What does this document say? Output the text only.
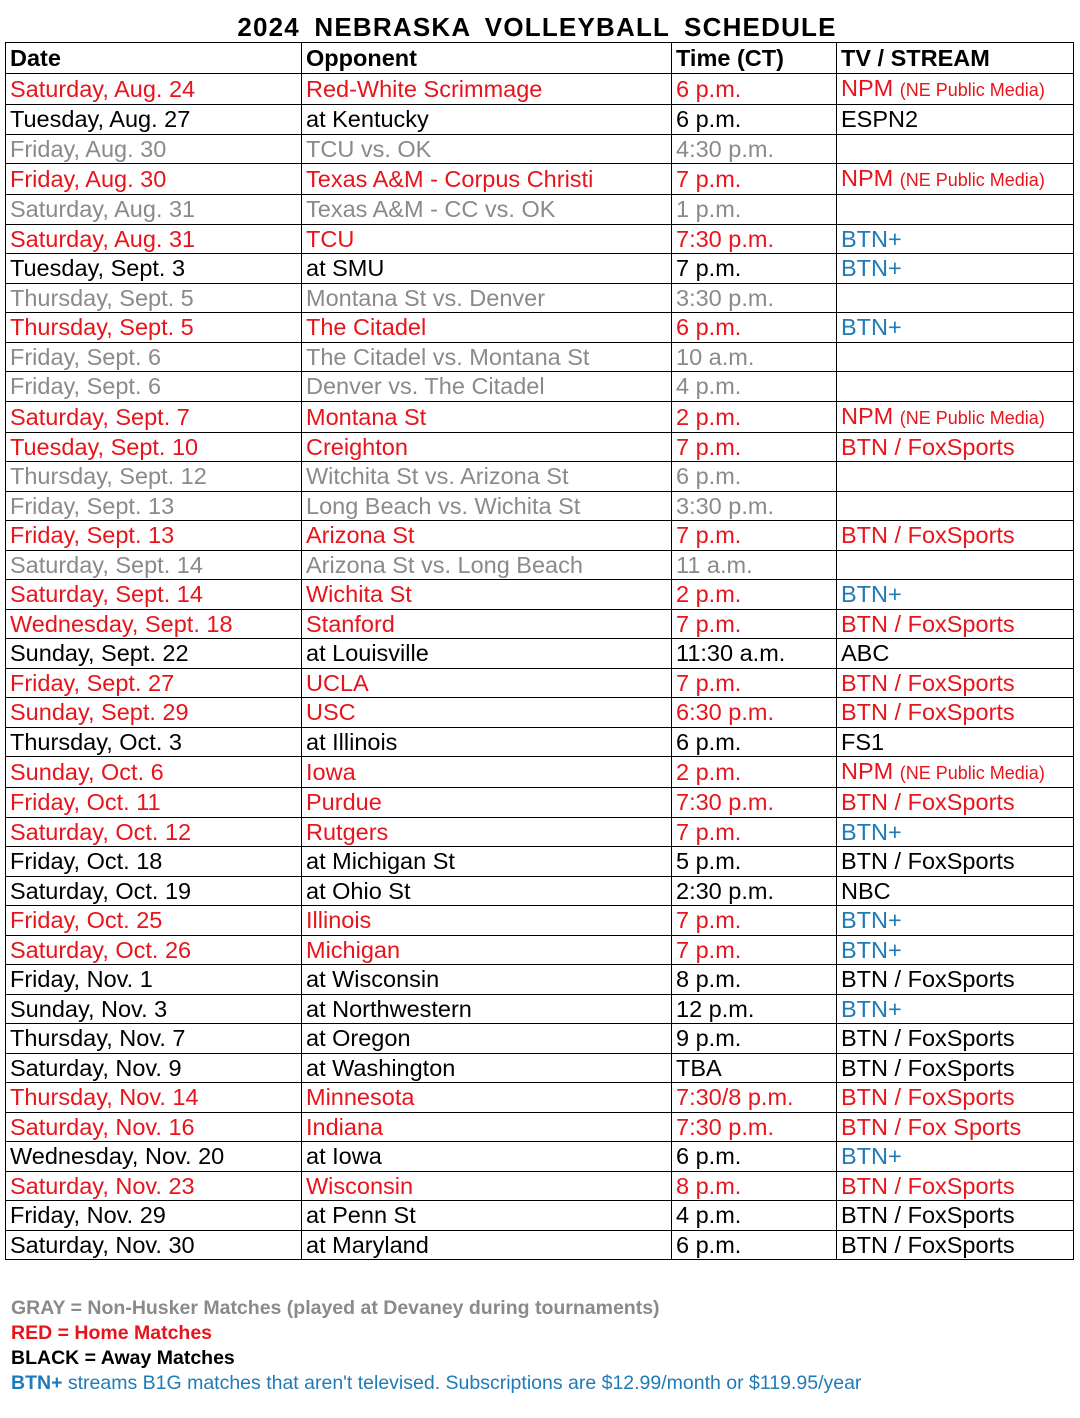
2024 NEBRASKA VOLLEYBALL SCHEDULE
Date	Opponent	Time (CT)	TV / STREAM
Saturday, Aug. 24	Red-White Scrimmage	6 p.m.	NPM (NE Public Media)
Tuesday, Aug. 27	at Kentucky	6 p.m.	ESPN2
Friday, Aug. 30	TCU vs. OK	4:30 p.m.	
Friday, Aug. 30	Texas A&M - Corpus Christi	7 p.m.	NPM (NE Public Media)
Saturday, Aug. 31	Texas A&M - CC vs. OK	1 p.m.	
Saturday, Aug. 31	TCU	7:30 p.m.	BTN+
Tuesday, Sept. 3	at SMU	7 p.m.	BTN+
Thursday, Sept. 5	Montana St vs. Denver	3:30 p.m.	
Thursday, Sept. 5	The Citadel	6 p.m.	BTN+
Friday, Sept. 6	The Citadel vs. Montana St	10 a.m.	
Friday, Sept. 6	Denver vs. The Citadel	4 p.m.	
Saturday, Sept. 7	Montana St	2 p.m.	NPM (NE Public Media)
Tuesday, Sept. 10	Creighton	7 p.m.	BTN / FoxSports
Thursday, Sept. 12	Witchita St vs. Arizona St	6 p.m.	
Friday, Sept. 13	Long Beach vs. Wichita St	3:30 p.m.	
Friday, Sept. 13	Arizona St	7 p.m.	BTN / FoxSports
Saturday, Sept. 14	Arizona St vs. Long Beach	11 a.m.	
Saturday, Sept. 14	Wichita St	2 p.m.	BTN+
Wednesday, Sept. 18	Stanford	7 p.m.	BTN / FoxSports
Sunday, Sept. 22	at Louisville	11:30 a.m.	ABC
Friday, Sept. 27	UCLA	7 p.m.	BTN / FoxSports
Sunday, Sept. 29	USC	6:30 p.m.	BTN / FoxSports
Thursday, Oct. 3	at Illinois	6 p.m.	FS1
Sunday, Oct. 6	Iowa	2 p.m.	NPM (NE Public Media)
Friday, Oct. 11	Purdue	7:30 p.m.	BTN / FoxSports
Saturday, Oct. 12	Rutgers	7 p.m.	BTN+
Friday, Oct. 18	at Michigan St	5 p.m.	BTN / FoxSports
Saturday, Oct. 19	at Ohio St	2:30 p.m.	NBC
Friday, Oct. 25	Illinois	7 p.m.	BTN+
Saturday, Oct. 26	Michigan	7 p.m.	BTN+
Friday, Nov. 1	at Wisconsin	8 p.m.	BTN / FoxSports
Sunday, Nov. 3	at Northwestern	12 p.m.	BTN+
Thursday, Nov. 7	at Oregon	9 p.m.	BTN / FoxSports
Saturday, Nov. 9	at Washington	TBA	BTN / FoxSports
Thursday, Nov. 14	Minnesota	7:30/8 p.m.	BTN / FoxSports
Saturday, Nov. 16	Indiana	7:30 p.m.	BTN / Fox Sports
Wednesday, Nov. 20	at Iowa	6 p.m.	BTN+
Saturday, Nov. 23	Wisconsin	8 p.m.	BTN / FoxSports
Friday, Nov. 29	at Penn St	4 p.m.	BTN / FoxSports
Saturday, Nov. 30	at Maryland	6 p.m.	BTN / FoxSports
GRAY = Non-Husker Matches (played at Devaney during tournaments)
RED = Home Matches
BLACK = Away Matches
BTN+ streams B1G matches that aren't televised. Subscriptions are $12.99/month or $119.95/year
